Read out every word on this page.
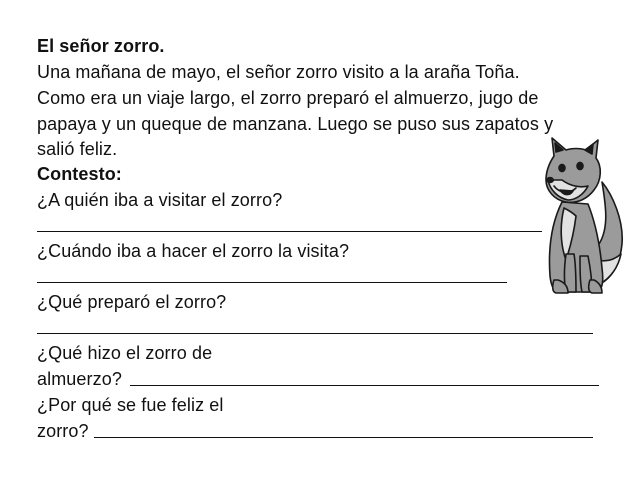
El señor zorro.
Una mañana de mayo, el señor zorro visito a la araña Toña.
Como era un viaje largo, el zorro preparó el almuerzo, jugo de
papaya y un queque de manzana. Luego se puso sus zapatos y
salió feliz.
Contesto:
¿A quién iba a visitar el zorro?
¿Cuándo iba a hacer el zorro la visita?
¿Qué preparó el zorro?
¿Qué hizo el zorro de
almuerzo?
¿Por qué se fue feliz el
zorro?
